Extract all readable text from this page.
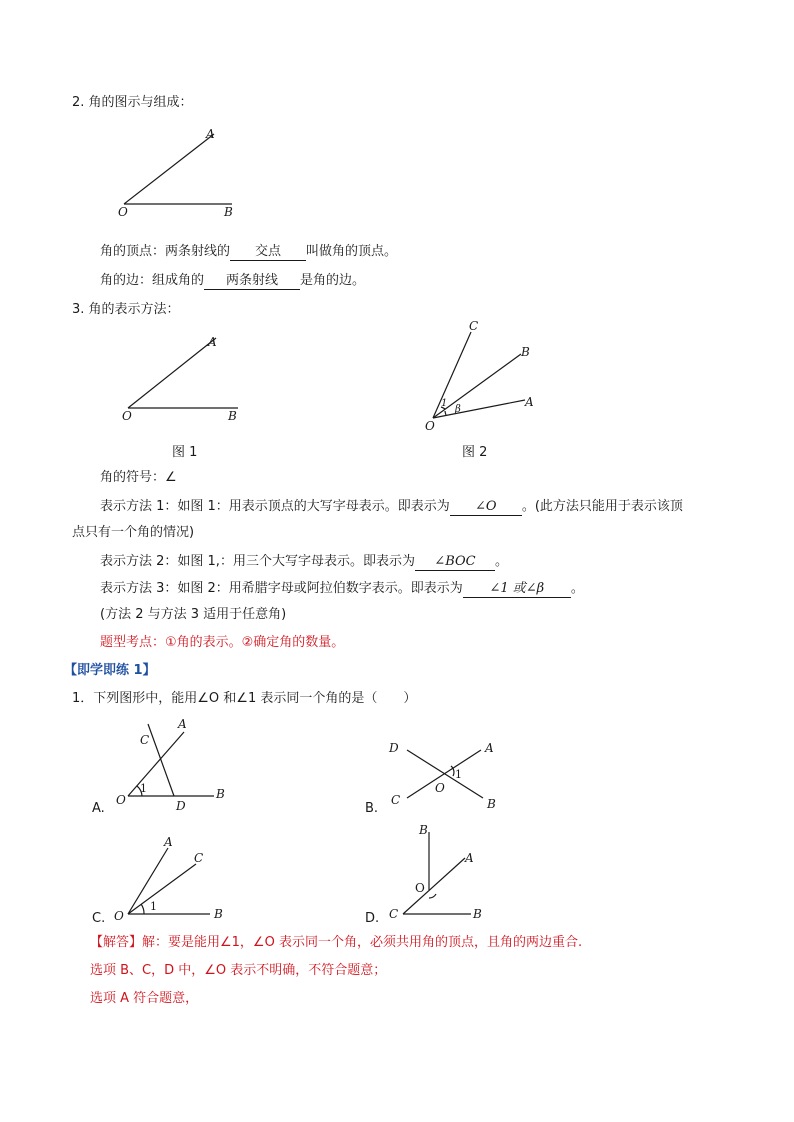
2. 角的图示与组成：
A
O	B
角的顶点：两条射线的 交点 叫做角的顶点。
角的边：组成角的 两条射线 是角的边。
3. 角的表示方法：
A
O	B
图 1
C
B
A
O
1
β
图 2
角的符号：∠
表示方法 1：如图 1：用表示顶点的大写字母表示。即表示为 ∠O 。(此方法只能用于表示该顶
点只有一个角的情况)
表示方法 2：如图 1,：用三个大写字母表示。即表示为 ∠BOC 。
表示方法 3：如图 2：用希腊字母或阿拉伯数字表示。即表示为 ∠1 或∠β 。
(方法 2 与方法 3 适用于任意角)
题型考点：①角的表示。②确定角的数量。
【即学即练 1】
1．下列图形中，能用∠O 和∠1 表示同一个角的是（　　）
A.
A
C
O	B
D
1
B.
D	A
C	B
O
1
C.
A
C
O	B
1
D.
B
A
O
C	B
【解答】解：要是能用∠1，∠O 表示同一个角，必须共用角的顶点，且角的两边重合.
选项 B、C，D 中，∠O 表示不明确，不符合题意；
选项 A 符合题意，
